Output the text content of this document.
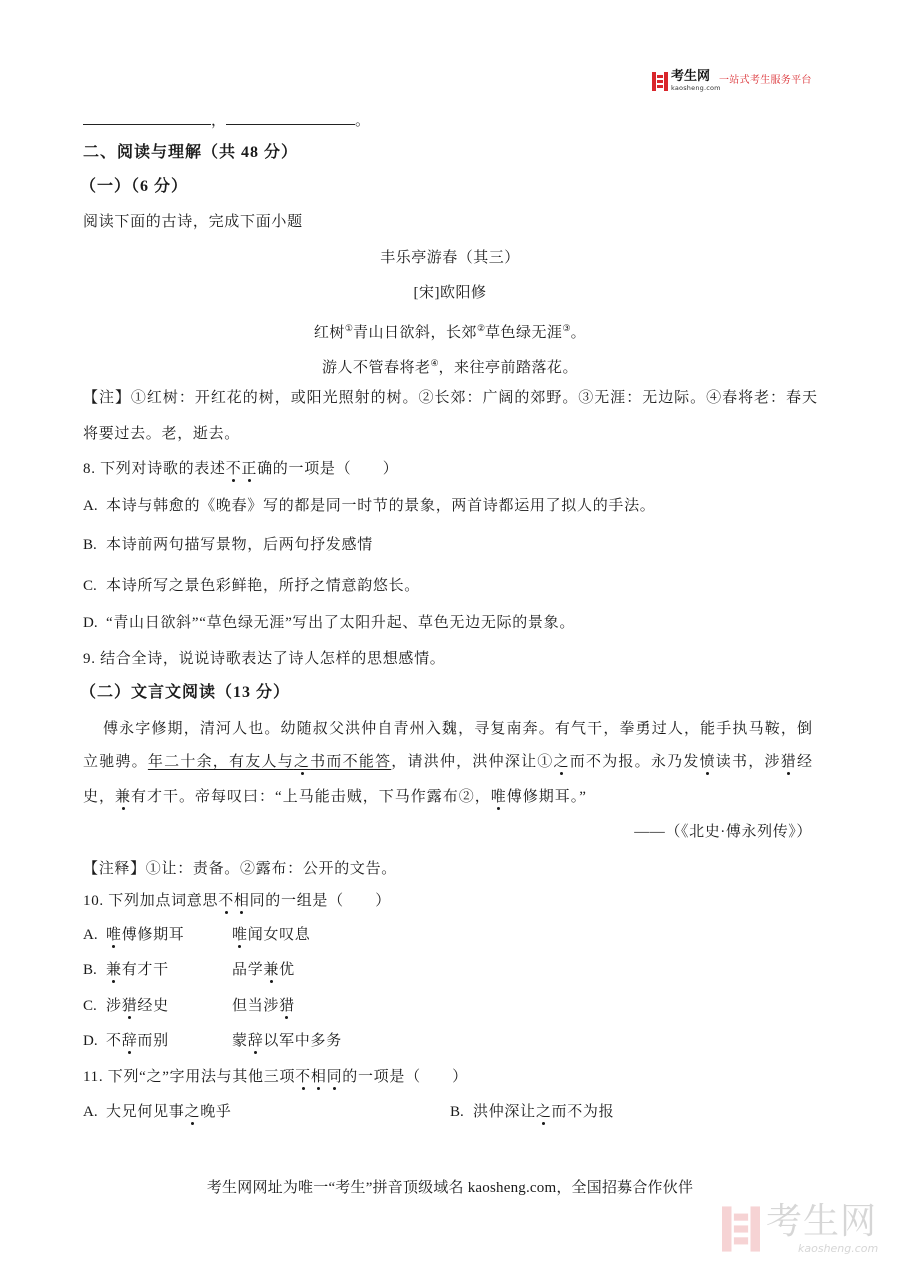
考生网
kaosheng.com
一站式考生服务平台
，	。
二、阅读与理解（共 48 分）
（一）（6 分）
阅读下面的古诗，完成下面小题
丰乐亭游春（其三）
[宋]欧阳修
红树①青山日欲斜，长郊②草色绿无涯③。
游人不管春将老④，来往亭前踏落花。
【注】①红树：开红花的树，或阳光照射的树。②长郊：广阔的郊野。③无涯：无边际。④春将老：春天
将要过去。老，逝去。
8. 下列对诗歌的表述不正确的一项是（　　）
A. 本诗与韩愈的《晚春》写的都是同一时节的景象，两首诗都运用了拟人的手法。
B. 本诗前两句描写景物，后两句抒发感情
C. 本诗所写之景色彩鲜艳，所抒之情意韵悠长。
D. “青山日欲斜”“草色绿无涯”写出了太阳升起、草色无边无际的景象。
9. 结合全诗，说说诗歌表达了诗人怎样的思想感情。
（二）文言文阅读（13 分）
傅永字修期，清河人也。幼随叔父洪仲自青州入魏，寻复南奔。有气干，拳勇过人，能手执马鞍，倒
立驰骋。年二十余，有友人与之书而不能答，请洪仲，洪仲深让①之而不为报。永乃发愤读书，涉猎经
史，兼有才干。帝每叹曰：“上马能击贼，下马作露布②，唯傅修期耳。”
——（《北史·傅永列传》）
【注释】①让：责备。②露布：公开的文告。
10. 下列加点词意思不相同的一组是（　　）
A. 唯傅修期耳	唯闻女叹息
B. 兼有才干	品学兼优
C. 涉猎经史	但当涉猎
D. 不辞而别	蒙辞以军中多务
11. 下列“之”字用法与其他三项不相同的一项是（　　）
A. 大兄何见事之晚乎	B. 洪仲深让之而不为报
考生网网址为唯一“考生”拼音顶级域名 kaosheng.com，全国招募合作伙伴
考生网
kaosheng.com
